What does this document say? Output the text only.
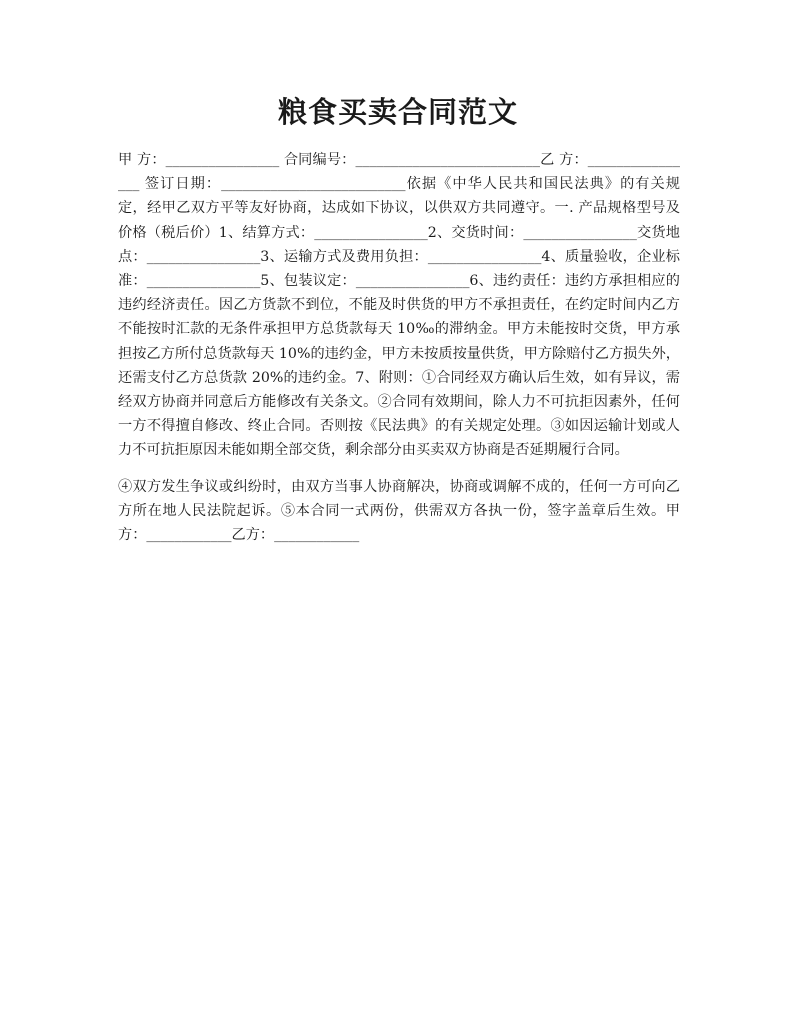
粮食买卖合同范文

甲 方：________________ 合同编号：__________________________乙 方：________________ 签订日期：__________________________依据《中华人民共和国民法典》的有关规定，经甲乙双方平等友好协商，达成如下协议，以供双方共同遵守。一. 产品规格型号及价格（税后价）1、结算方式：________________2、交货时间：________________交货地点：________________3、运输方式及费用负担：________________4、质量验收，企业标准：________________5、包装议定：________________6、违约责任：违约方承担相应的违约经济责任。因乙方货款不到位，不能及时供货的甲方不承担责任，在约定时间内乙方不能按时汇款的无条件承担甲方总货款每天 10‰的滞纳金。甲方未能按时交货，甲方承担按乙方所付总货款每天 10%的违约金，甲方未按质按量供货，甲方除赔付乙方损失外，还需支付乙方总货款 20%的违约金。7、附则：①合同经双方确认后生效，如有异议，需经双方协商并同意后方能修改有关条文。②合同有效期间，除人力不可抗拒因素外，任何一方不得擅自修改、终止合同。否则按《民法典》的有关规定处理。③如因运输计划或人力不可抗拒原因未能如期全部交货，剩余部分由买卖双方协商是否延期履行合同。

④双方发生争议或纠纷时，由双方当事人协商解决，协商或调解不成的，任何一方可向乙方所在地人民法院起诉。⑤本合同一式两份，供需双方各执一份，签字盖章后生效。甲方：____________乙方：____________
